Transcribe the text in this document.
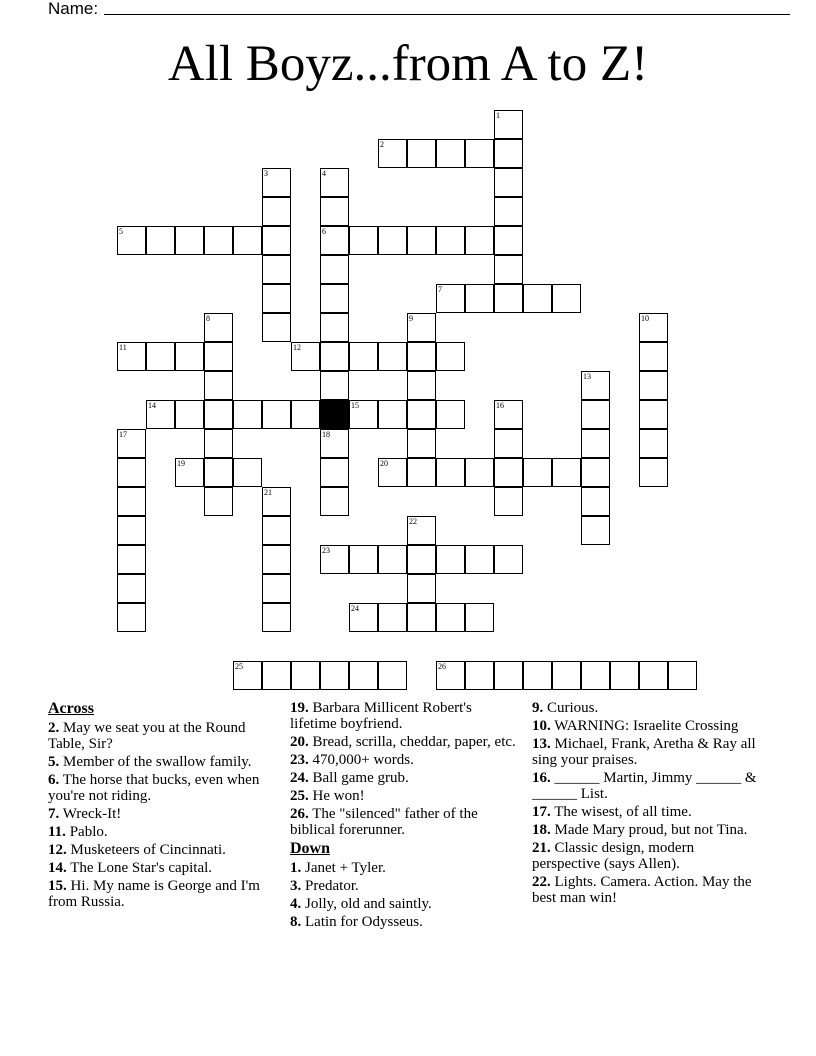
Name:
All Boyz...from A to Z!
1
2
3	4
5	6
7
8	9	10
11	12
13
14	15	16
17	18
19	20
21
22
23
24
25	26
Across
2. May we seat you at the Round Table, Sir?
5. Member of the swallow family.
6. The horse that bucks, even when you're not riding.
7. Wreck-It!
11. Pablo.
12. Musketeers of Cincinnati.
14. The Lone Star's capital.
15. Hi. My name is George and I'm from Russia.
19. Barbara Millicent Robert's lifetime boyfriend.
20. Bread, scrilla, cheddar, paper, etc.
23. 470,000+ words.
24. Ball game grub.
25. He won!
26. The "silenced" father of the biblical forerunner.
Down
1. Janet + Tyler.
3. Predator.
4. Jolly, old and saintly.
8. Latin for Odysseus.
9. Curious.
10. WARNING: Israelite Crossing
13. Michael, Frank, Aretha & Ray all sing your praises.
16. ______ Martin, Jimmy ______ & ______ List.
17. The wisest, of all time.
18. Made Mary proud, but not Tina.
21. Classic design, modern perspective (says Allen).
22. Lights. Camera. Action. May the best man win!
